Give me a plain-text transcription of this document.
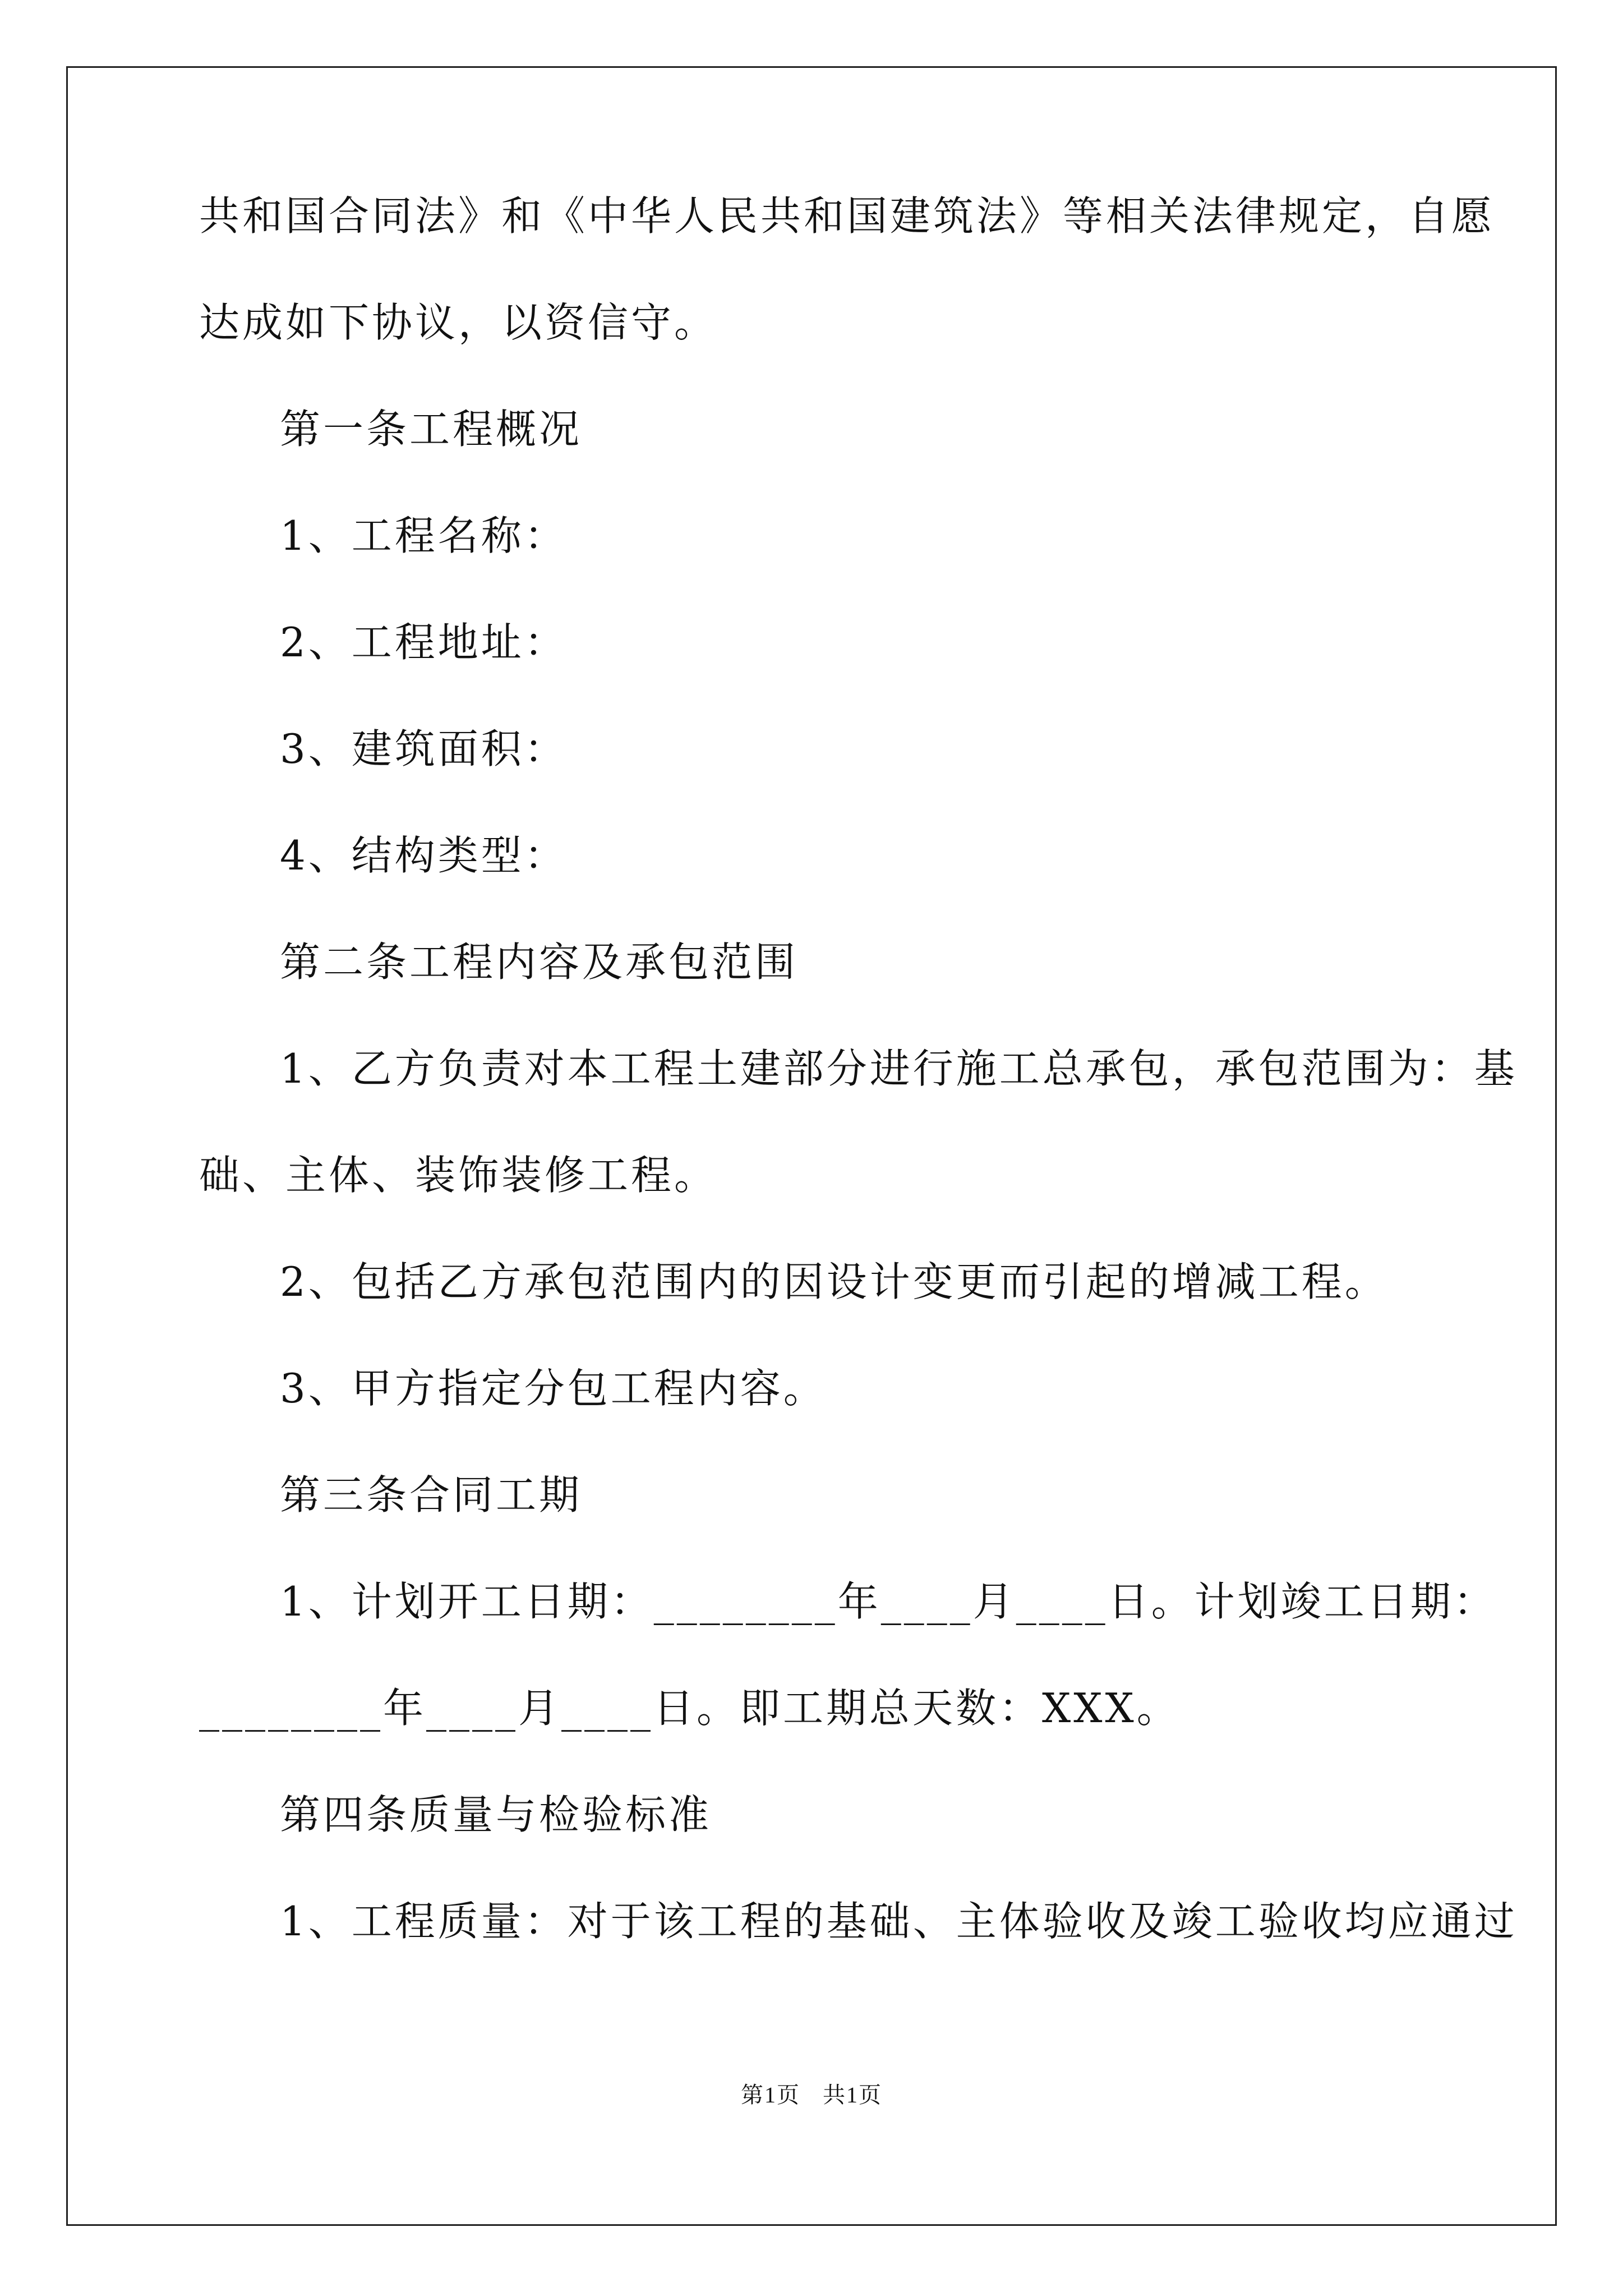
共和国合同法》和《中华人民共和国建筑法》等相关法律规定，自愿
达成如下协议，以资信守。
第一条工程概况
1、工程名称：
2、工程地址：
3、建筑面积：
4、结构类型：
第二条工程内容及承包范围
1、乙方负责对本工程土建部分进行施工总承包，承包范围为：基
础、主体、装饰装修工程。
2、包括乙方承包范围内的因设计变更而引起的增减工程。
3、甲方指定分包工程内容。
第三条合同工期
1、计划开工日期：________年____月____日。计划竣工日期：
________年____月____日。即工期总天数：XXX。
第四条质量与检验标准
1、工程质量：对于该工程的基础、主体验收及竣工验收均应通过
第1页 共1页
